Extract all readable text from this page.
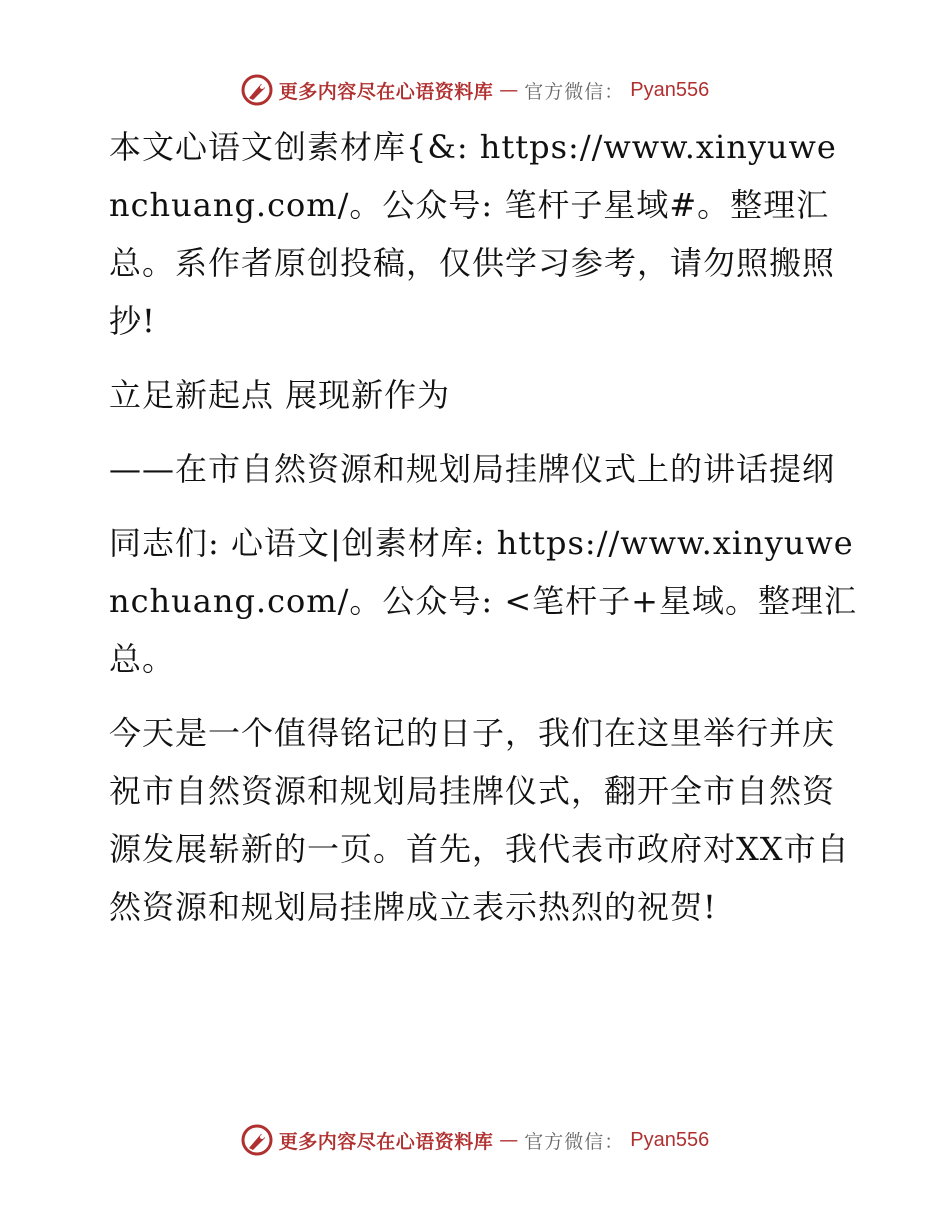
更多内容尽在心语资料库 — 官方微信： Pyan556

本文心语文创素材库{&: https://www.xinyuwenchuang.com/。公众号: 笔杆子星域#。整理汇总。系作者原创投稿，仅供学习参考，请勿照搬照抄!

立足新起点 展现新作为

——在市自然资源和规划局挂牌仪式上的讲话提纲

同志们: 心语文|创素材库: https://www.xinyuwenchuang.com/。公众号: <笔杆子+星域。整理汇总。

今天是一个值得铭记的日子，我们在这里举行并庆祝市自然资源和规划局挂牌仪式，翻开全市自然资源发展崭新的一页。首先，我代表市政府对XX市自然资源和规划局挂牌成立表示热烈的祝贺!

更多内容尽在心语资料库 — 官方微信： Pyan556
